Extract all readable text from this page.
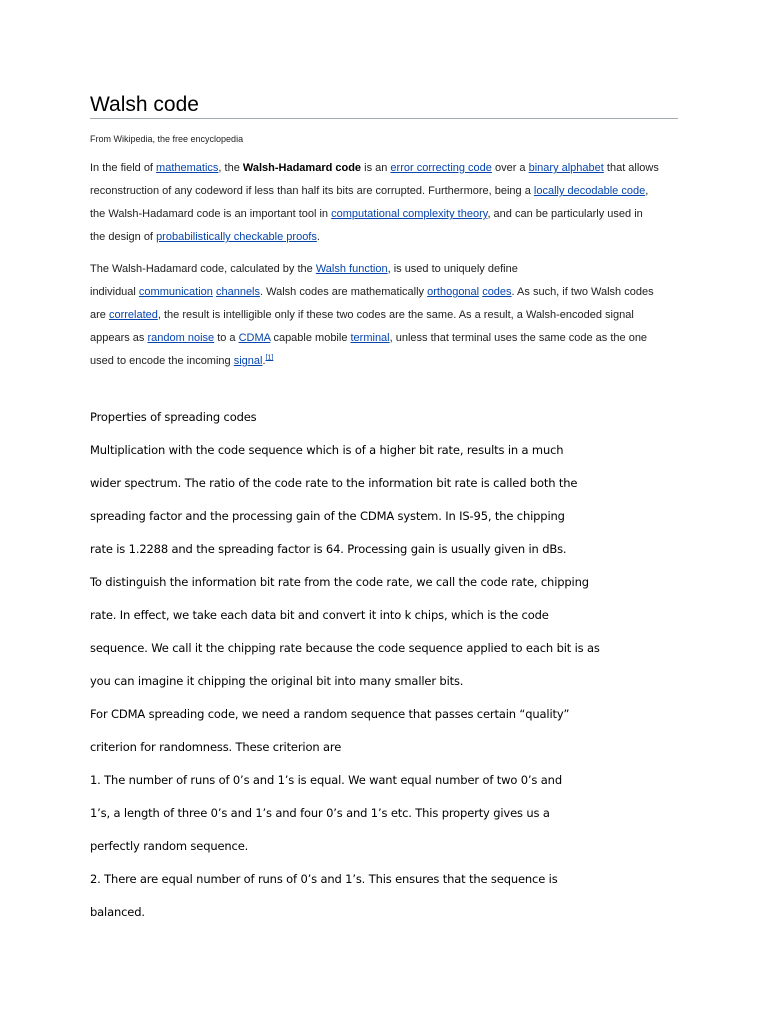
Walsh code
From Wikipedia, the free encyclopedia
In the field of mathematics, the Walsh-Hadamard code is an error correcting code over a binary alphabet that allows
reconstruction of any codeword if less than half its bits are corrupted. Furthermore, being a locally decodable code,
the Walsh-Hadamard code is an important tool in computational complexity theory, and can be particularly used in
the design of probabilistically checkable proofs.
The Walsh-Hadamard code, calculated by the Walsh function, is used to uniquely define
individual communication channels. Walsh codes are mathematically orthogonal codes. As such, if two Walsh codes
are correlated, the result is intelligible only if these two codes are the same. As a result, a Walsh-encoded signal
appears as random noise to a CDMA capable mobile terminal, unless that terminal uses the same code as the one
used to encode the incoming signal.[1]
Properties of spreading codes
Multiplication with the code sequence which is of a higher bit rate, results in a much
wider spectrum. The ratio of the code rate to the information bit rate is called both the
spreading factor and the processing gain of the CDMA system. In IS-95, the chipping
rate is 1.2288 and the spreading factor is 64. Processing gain is usually given in dBs.
To distinguish the information bit rate from the code rate, we call the code rate, chipping
rate. In effect, we take each data bit and convert it into k chips, which is the code
sequence. We call it the chipping rate because the code sequence applied to each bit is as
you can imagine it chipping the original bit into many smaller bits.
For CDMA spreading code, we need a random sequence that passes certain “quality”
criterion for randomness. These criterion are
1. The number of runs of 0’s and 1’s is equal. We want equal number of two 0’s and
1’s, a length of three 0’s and 1’s and four 0’s and 1’s etc. This property gives us a
perfectly random sequence.
2. There are equal number of runs of 0’s and 1’s. This ensures that the sequence is
balanced.
